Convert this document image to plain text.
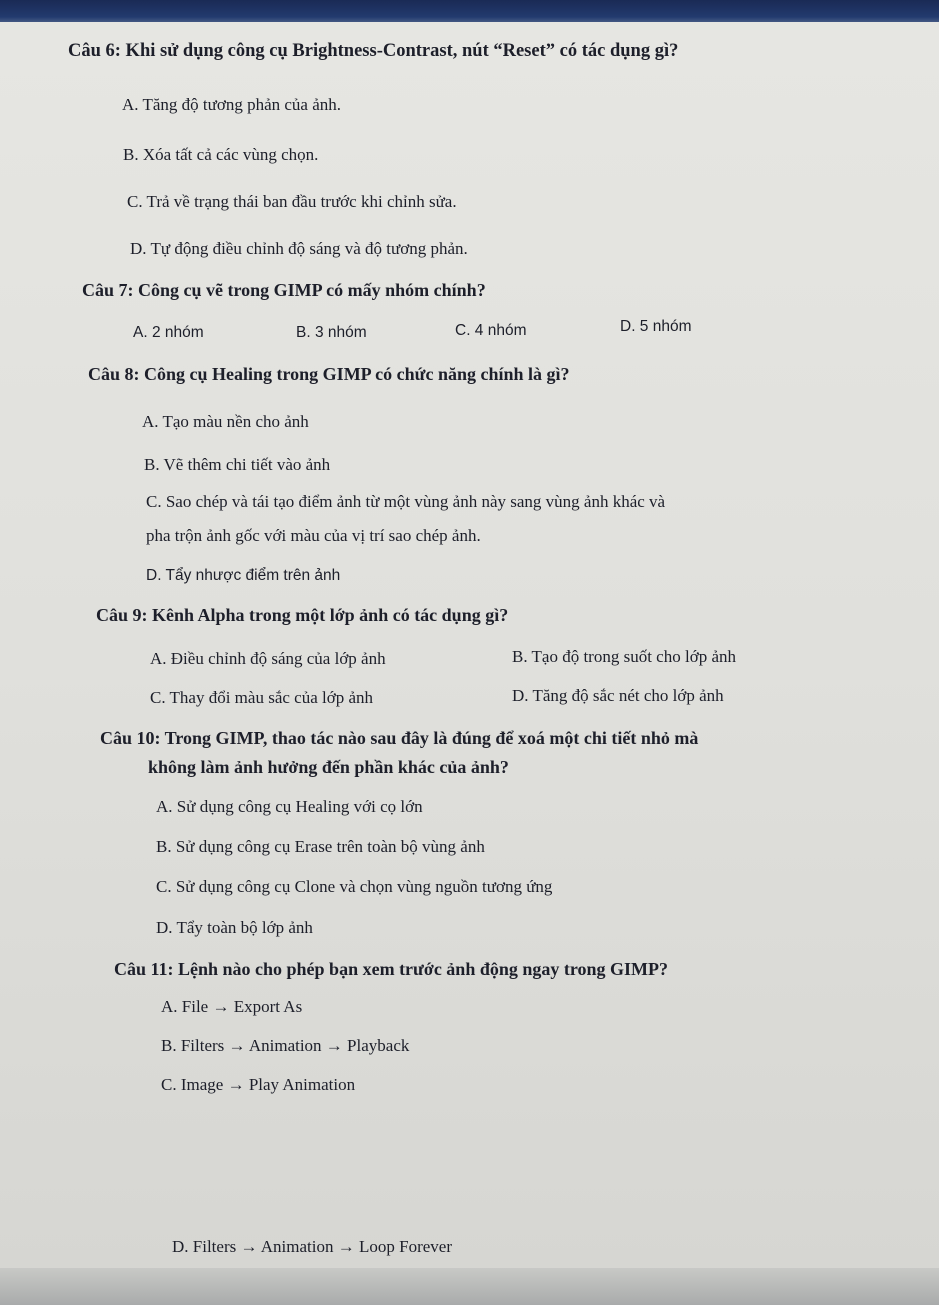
Câu 6: Khi sử dụng công cụ Brightness-Contrast, nút “Reset” có tác dụng gì?
A. Tăng độ tương phản của ảnh.
B. Xóa tất cả các vùng chọn.
C. Trả về trạng thái ban đầu trước khi chỉnh sửa.
D. Tự động điều chỉnh độ sáng và độ tương phản.
Câu 7: Công cụ vẽ trong GIMP có mấy nhóm chính?
A. 2 nhóm	B. 3 nhóm	C. 4 nhóm	D. 5 nhóm
Câu 8: Công cụ Healing trong GIMP có chức năng chính là gì?
A. Tạo màu nền cho ảnh
B. Vẽ thêm chi tiết vào ảnh
C. Sao chép và tái tạo điểm ảnh từ một vùng ảnh này sang vùng ảnh khác và
pha trộn ảnh gốc với màu của vị trí sao chép ảnh.
D. Tẩy nhược điểm trên ảnh
Câu 9: Kênh Alpha trong một lớp ảnh có tác dụng gì?
A. Điều chỉnh độ sáng của lớp ảnh	B. Tạo độ trong suốt cho lớp ảnh
C. Thay đổi màu sắc của lớp ảnh	D. Tăng độ sắc nét cho lớp ảnh
Câu 10: Trong GIMP, thao tác nào sau đây là đúng để xoá một chi tiết nhỏ mà
không làm ảnh hưởng đến phần khác của ảnh?
A. Sử dụng công cụ Healing với cọ lớn
B. Sử dụng công cụ Erase trên toàn bộ vùng ảnh
C. Sử dụng công cụ Clone và chọn vùng nguồn tương ứng
D. Tẩy toàn bộ lớp ảnh
Câu 11: Lệnh nào cho phép bạn xem trước ảnh động ngay trong GIMP?
A. File → Export As
B. Filters → Animation → Playback
C. Image → Play Animation
D. Filters → Animation → Loop Forever
